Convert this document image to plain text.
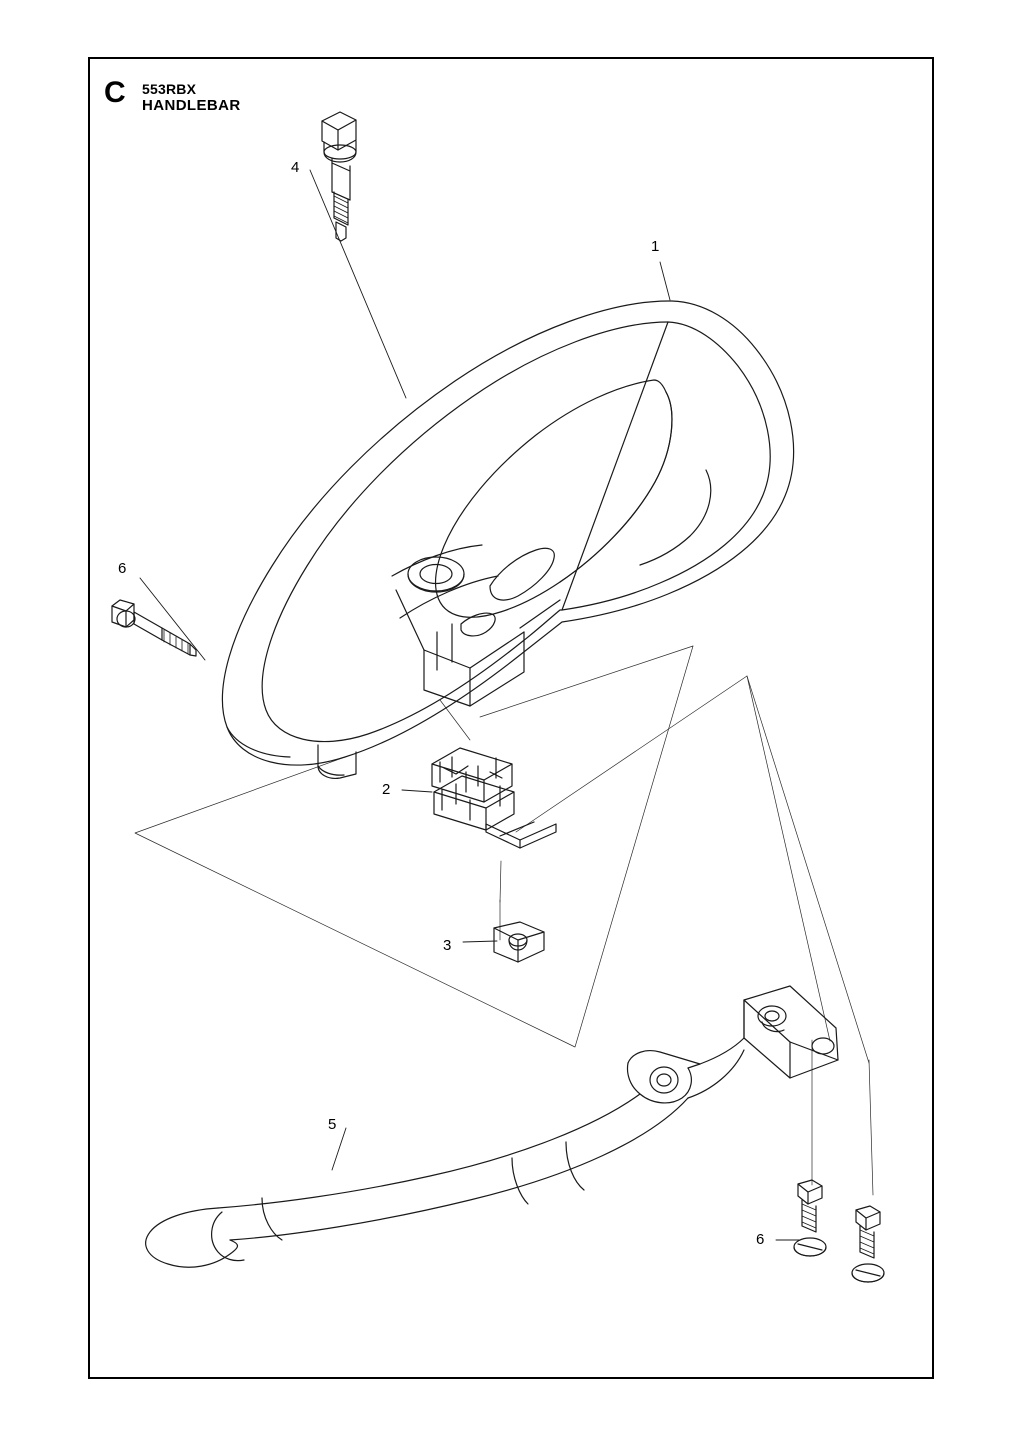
C 553RBX
HANDLEBAR
1
4
6
2
3
5
6
